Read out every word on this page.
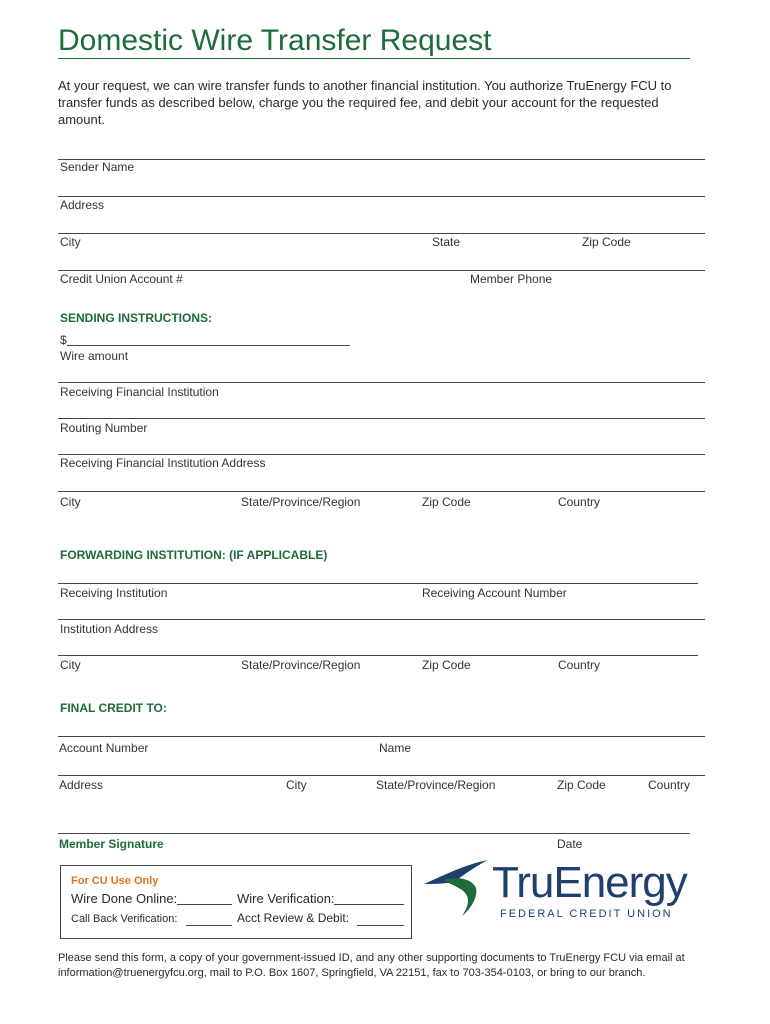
Domestic Wire Transfer Request
At your request, we can wire transfer funds to another financial institution. You authorize TruEnergy FCU to transfer funds as described below, charge you the required fee, and debit your account for the requested amount.
Sender Name
Address
City	State	Zip Code
Credit Union Account #	Member Phone
SENDING INSTRUCTIONS:
$
Wire amount
Receiving Financial Institution
Routing Number
Receiving Financial Institution Address
City	State/Province/Region	Zip Code	Country
FORWARDING INSTITUTION: (IF APPLICABLE)
Receiving Institution	Receiving Account Number
Institution Address
City	State/Province/Region	Zip Code	Country
FINAL CREDIT TO:
Account Number	Name
Address	City	State/Province/Region	Zip Code	Country
Member Signature	Date
For CU Use Only
Wire Done Online:	Wire Verification:
Call Back Verification:	Acct Review & Debit:
TruEnergy
FEDERAL CREDIT UNION
Please send this form, a copy of your government-issued ID, and any other supporting documents to TruEnergy FCU via email at information@truenergyfcu.org, mail to P.O. Box 1607, Springfield, VA 22151, fax to 703-354-0103, or bring to our branch.
